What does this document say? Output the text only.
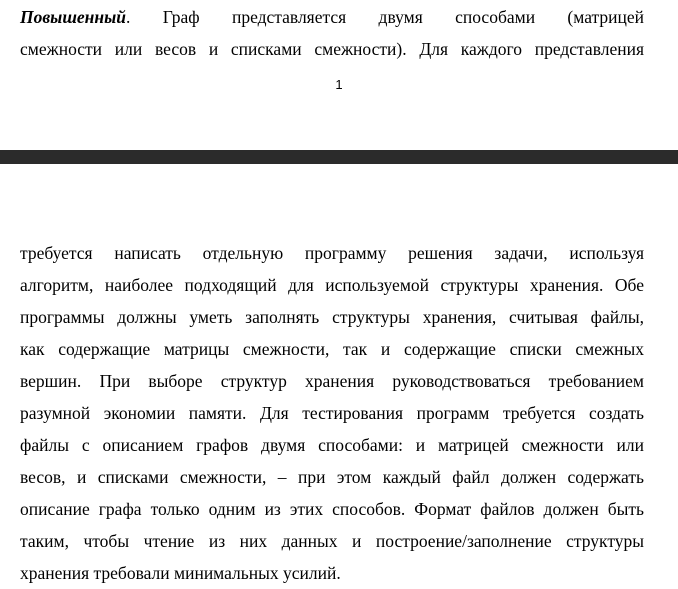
Повышенный. Граф представляется двумя способами (матрицей
смежности или весов и списками смежности). Для каждого представления
1
требуется написать отдельную программу решения задачи, используя
алгоритм, наиболее подходящий для используемой структуры хранения. Обе
программы должны уметь заполнять структуры хранения, считывая файлы,
как содержащие матрицы смежности, так и содержащие списки смежных
вершин. При выборе структур хранения руководствоваться требованием
разумной экономии памяти. Для тестирования программ требуется создать
файлы с описанием графов двумя способами: и матрицей смежности или
весов, и списками смежности, – при этом каждый файл должен содержать
описание графа только одним из этих способов. Формат файлов должен быть
таким, чтобы чтение из них данных и построение/заполнение структуры
хранения требовали минимальных усилий.
